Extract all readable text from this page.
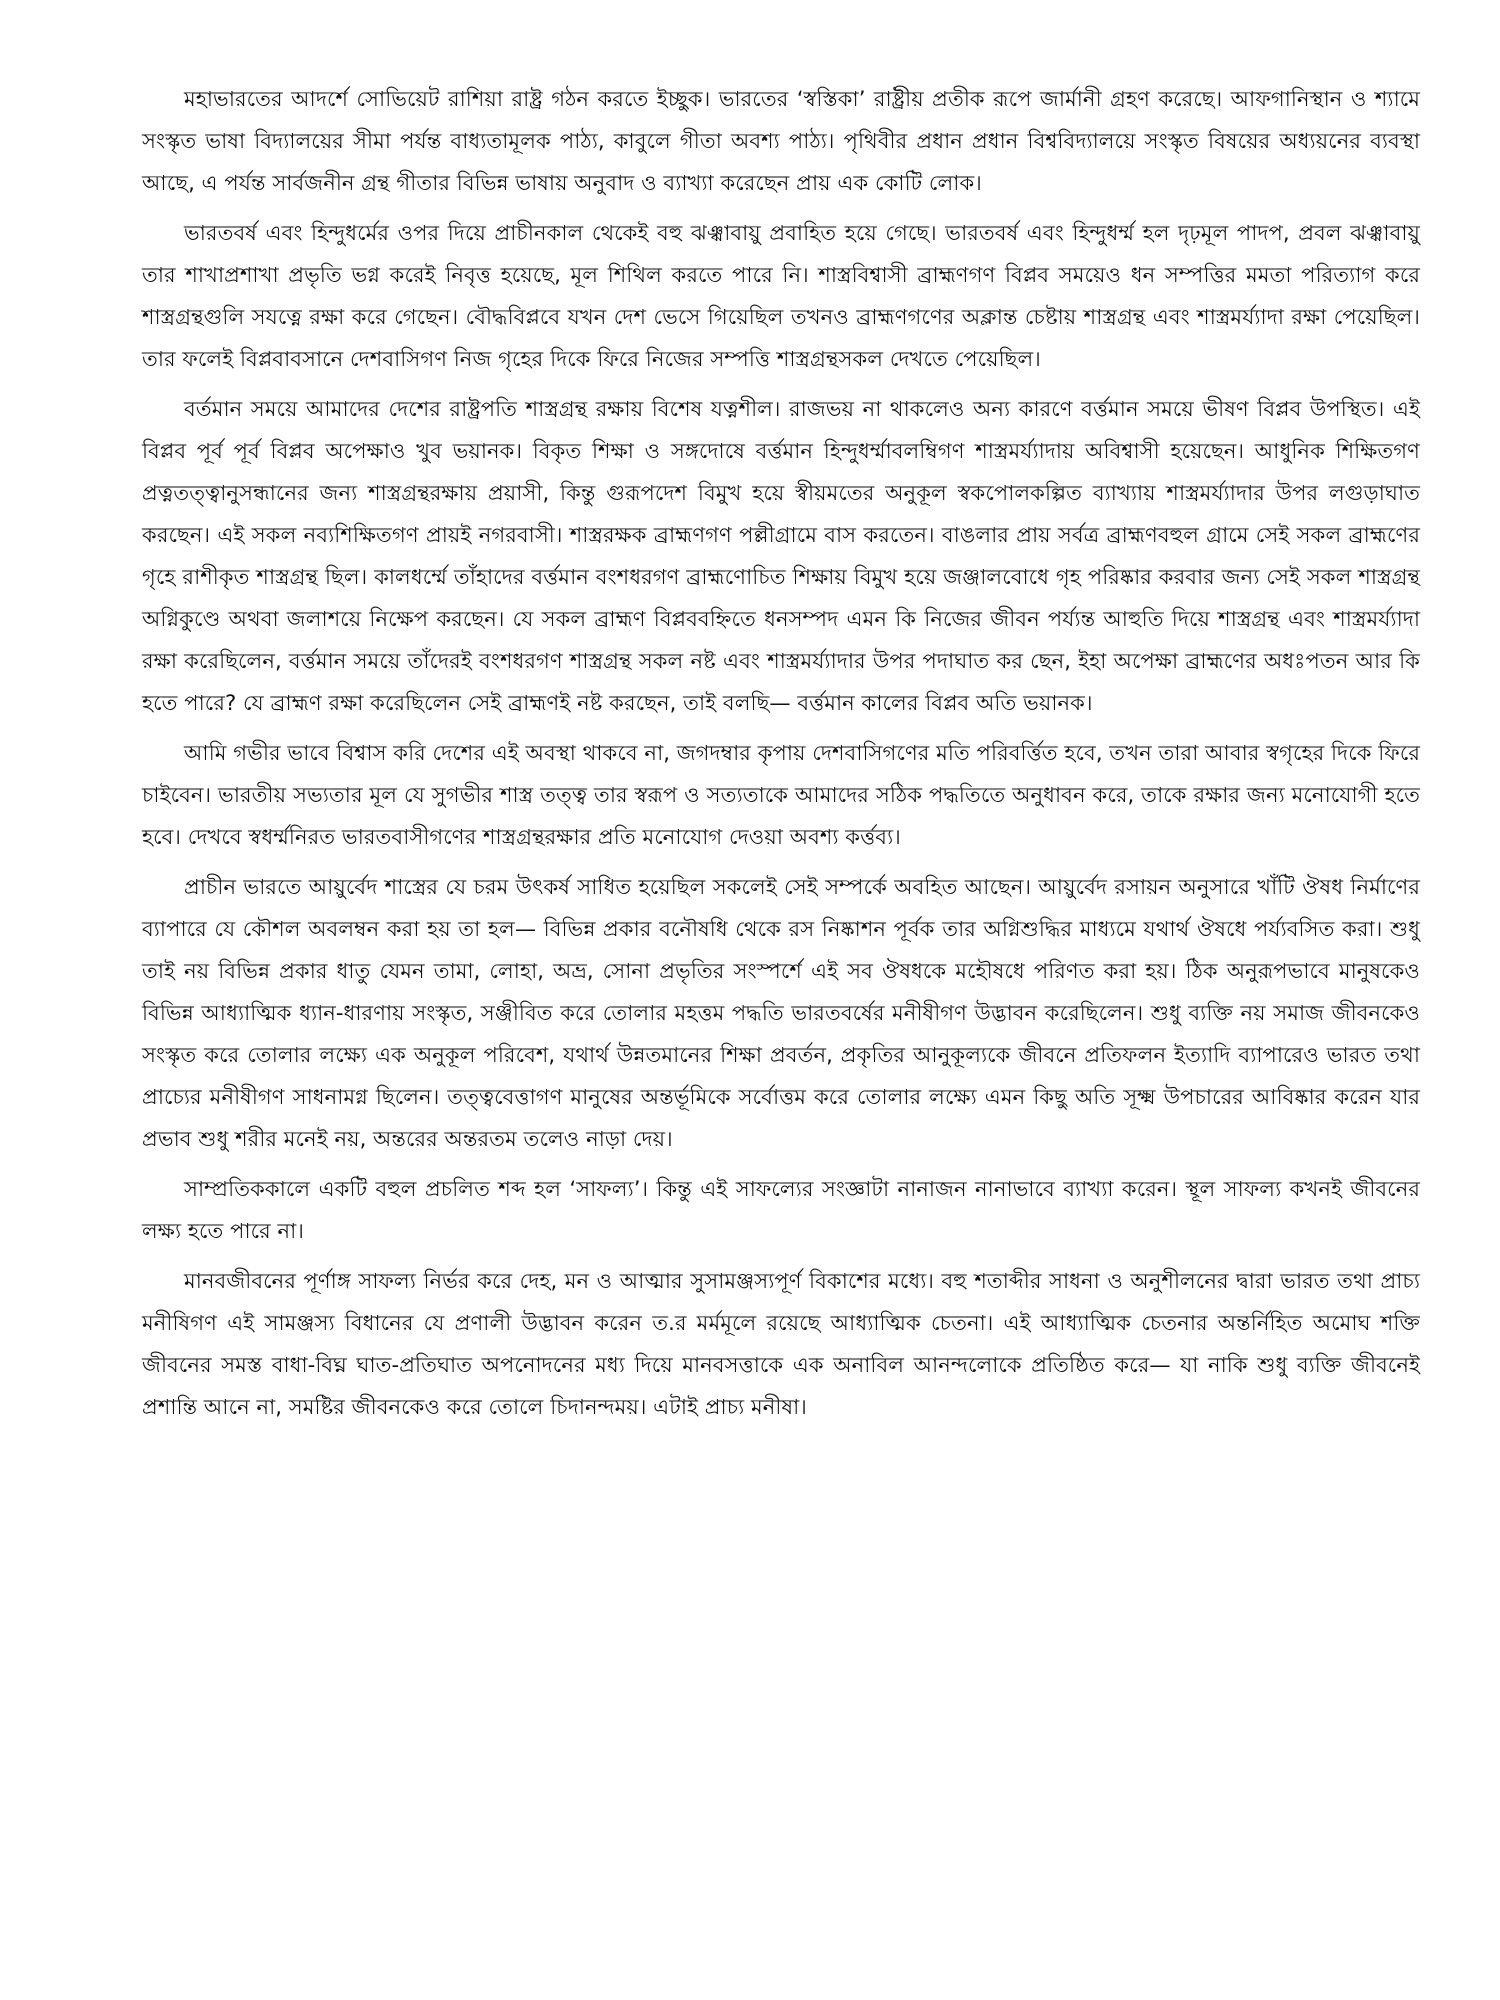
মহাভারতের আদর্শে সোভিয়েট রাশিয়া রাষ্ট্র গঠন করতে ইচ্ছুক। ভারতের ‘স্বস্তিকা’ রাষ্ট্রীয় প্রতীক রূপে জার্মানী গ্রহণ করেছে। আফগানিস্থান ও শ্যামে সংস্কৃত ভাষা বিদ্যালয়ের সীমা পর্যন্ত বাধ্যতামূলক পাঠ্য, কাবুলে গীতা অবশ্য পাঠ্য। পৃথিবীর প্রধান প্রধান বিশ্ববিদ্যালয়ে সংস্কৃত বিষয়ের অধ্যয়নের ব্যবস্থা আছে, এ পর্যন্ত সার্বজনীন গ্রন্থ গীতার বিভিন্ন ভাষায় অনুবাদ ও ব্যাখ্যা করেছেন প্রায় এক কোটি লোক।

ভারতবর্ষ এবং হিন্দুধর্মের ওপর দিয়ে প্রাচীনকাল থেকেই বহু ঝঞ্ঝাবায়ু প্রবাহিত হয়ে গেছে। ভারতবর্ষ এবং হিন্দুধর্ম্ম হল দৃঢ়মূল পাদপ, প্রবল ঝঞ্ঝাবায়ু তার শাখাপ্রশাখা প্রভৃতি ভগ্ন করেই নিবৃত্ত হয়েছে, মূল শিথিল করতে পারে নি। শাস্ত্রবিশ্বাসী ব্রাহ্মণগণ বিপ্লব সময়েও ধন সম্পত্তির মমতা পরিত্যাগ করে শাস্ত্রগ্রন্থগুলি সযত্নে রক্ষা করে গেছেন। বৌদ্ধবিপ্লবে যখন দেশ ভেসে গিয়েছিল তখনও ব্রাহ্মণগণের অক্লান্ত চেষ্টায় শাস্ত্রগ্রন্থ এবং শাস্ত্রমর্য্যাদা রক্ষা পেয়েছিল। তার ফলেই বিপ্লবাবসানে দেশবাসিগণ নিজ গৃহের দিকে ফিরে নিজের সম্পত্তি শাস্ত্রগ্রন্থসকল দেখতে পেয়েছিল।

বর্তমান সময়ে আমাদের দেশের রাষ্ট্রপতি শাস্ত্রগ্রন্থ রক্ষায় বিশেষ যত্নশীল। রাজভয় না থাকলেও অন্য কারণে বর্ত্তমান সময়ে ভীষণ বিপ্লব উপস্থিত। এই বিপ্লব পূর্ব পূর্ব বিপ্লব অপেক্ষাও খুব ভয়ানক। বিকৃত শিক্ষা ও সঙ্গদোষে বর্ত্তমান হিন্দুধর্ম্মাবলম্বিগণ শাস্ত্রমর্য্যাদায় অবিশ্বাসী হয়েছেন। আধুনিক শিক্ষিতগণ প্রত্নতত্ত্বানুসন্ধানের জন্য শাস্ত্রগ্রন্থরক্ষায় প্রয়াসী, কিন্তু গুরূপদেশ বিমুখ হয়ে স্বীয়মতের অনুকূল স্বকপোলকল্পিত ব্যাখ্যায় শাস্ত্রমর্য্যাদার উপর লগুড়াঘাত করছেন। এই সকল নব্যশিক্ষিতগণ প্রায়ই নগরবাসী। শাস্ত্ররক্ষক ব্রাহ্মণগণ পল্লীগ্রামে বাস করতেন। বাঙলার প্রায় সর্বত্র ব্রাহ্মণবহুল গ্রামে সেই সকল ব্রাহ্মণের গৃহে রাশীকৃত শাস্ত্রগ্রন্থ ছিল। কালধর্ম্মে তাঁহাদের বর্ত্তমান বংশধরগণ ব্রাহ্মণোচিত শিক্ষায় বিমুখ হয়ে জঞ্জালবোধে গৃহ পরিষ্কার করবার জন্য সেই সকল শাস্ত্রগ্রন্থ অগ্নিকুণ্ডে অথবা জলাশয়ে নিক্ষেপ করছেন। যে সকল ব্রাহ্মণ বিপ্লববহ্নিতে ধনসম্পদ এমন কি নিজের জীবন পর্য্যন্ত আহুতি দিয়ে শাস্ত্রগ্রন্থ এবং শাস্ত্রমর্য্যাদা রক্ষা করেছিলেন, বর্ত্তমান সময়ে তাঁদেরই বংশধরগণ শাস্ত্রগ্রন্থ সকল নষ্ট এবং শাস্ত্রমর্য্যাদার উপর পদাঘাত কর ছেন, ইহা অপেক্ষা ব্রাহ্মণের অধঃপতন আর কি হতে পারে? যে ব্রাহ্মণ রক্ষা করেছিলেন সেই ব্রাহ্মণই নষ্ট করছেন, তাই বলছি— বর্ত্তমান কালের বিপ্লব অতি ভয়ানক।

আমি গভীর ভাবে বিশ্বাস করি দেশের এই অবস্থা থাকবে না, জগদম্বার কৃপায় দেশবাসিগণের মতি পরিবর্ত্তিত হবে, তখন তারা আবার স্বগৃহের দিকে ফিরে চাইবেন। ভারতীয় সভ্যতার মূল যে সুগভীর শাস্ত্র তত্ত্ব তার স্বরূপ ও সত্যতাকে আমাদের সঠিক পদ্ধতিতে অনুধাবন করে, তাকে রক্ষার জন্য মনোযোগী হতে হবে। দেখবে স্বধর্ম্মনিরত ভারতবাসীগণের শাস্ত্রগ্রন্থরক্ষার প্রতি মনোযোগ দেওয়া অবশ্য কর্ত্তব্য।

প্রাচীন ভারতে আয়ুর্বেদ শাস্ত্রের যে চরম উৎকর্ষ সাধিত হয়েছিল সকলেই সেই সম্পর্কে অবহিত আছেন। আয়ুর্বেদ রসায়ন অনুসারে খাঁটি ঔষধ নির্মাণের ব্যাপারে যে কৌশল অবলম্বন করা হয় তা হল— বিভিন্ন প্রকার বনৌষধি থেকে রস নিষ্কাশন পূর্বক তার অগ্নিশুদ্ধির মাধ্যমে যথার্থ ঔষধে পর্য্যবসিত করা। শুধু তাই নয় বিভিন্ন প্রকার ধাতু যেমন তামা, লোহা, অভ্র, সোনা প্রভৃতির সংস্পর্শে এই সব ঔষধকে মহৌষধে পরিণত করা হয়। ঠিক অনুরূপভাবে মানুষকেও বিভিন্ন আধ্যাত্মিক ধ্যান-ধারণায় সংস্কৃত, সঞ্জীবিত করে তোলার মহত্তম পদ্ধতি ভারতবর্ষের মনীষীগণ উদ্ভাবন করেছিলেন। শুধু ব্যক্তি নয় সমাজ জীবনকেও সংস্কৃত করে তোলার লক্ষ্যে এক অনুকূল পরিবেশ, যথার্থ উন্নতমানের শিক্ষা প্রবর্তন, প্রকৃতির আনুকূল্যকে জীবনে প্রতিফলন ইত্যাদি ব্যাপারেও ভারত তথা প্রাচ্যের মনীষীগণ সাধনামগ্ন ছিলেন। তত্ত্ববেত্তাগণ মানুষের অন্তর্ভূমিকে সর্বোত্তম করে তোলার লক্ষ্যে এমন কিছু অতি সূক্ষ্ম উপচারের আবিষ্কার করেন যার প্রভাব শুধু শরীর মনেই নয়, অন্তরের অন্তরতম তলেও নাড়া দেয়।

সাম্প্রতিককালে একটি বহুল প্রচলিত শব্দ হল ‘সাফল্য’। কিন্তু এই সাফল্যের সংজ্ঞাটা নানাজন নানাভাবে ব্যাখ্যা করেন। স্থূল সাফল্য কখনই জীবনের লক্ষ্য হতে পারে না।

মানবজীবনের পূর্ণাঙ্গ সাফল্য নির্ভর করে দেহ, মন ও আত্মার সুসামঞ্জস্যপূর্ণ বিকাশের মধ্যে। বহু শতাব্দীর সাধনা ও অনুশীলনের দ্বারা ভারত তথা প্রাচ্য মনীষিগণ এই সামঞ্জস্য বিধানের যে প্রণালী উদ্ভাবন করেন ত.র মর্মমূলে রয়েছে আধ্যাত্মিক চেতনা। এই আধ্যাত্মিক চেতনার অন্তর্নিহিত অমোঘ শক্তি জীবনের সমস্ত বাধা-বিঘ্ন ঘাত-প্রতিঘাত অপনোদনের মধ্য দিয়ে মানবসত্তাকে এক অনাবিল আনন্দলোকে প্রতিষ্ঠিত করে— যা নাকি শুধু ব্যক্তি জীবনেই প্রশান্তি আনে না, সমষ্টির জীবনকেও করে তোলে চিদানন্দময়। এটাই প্রাচ্য মনীষা।
